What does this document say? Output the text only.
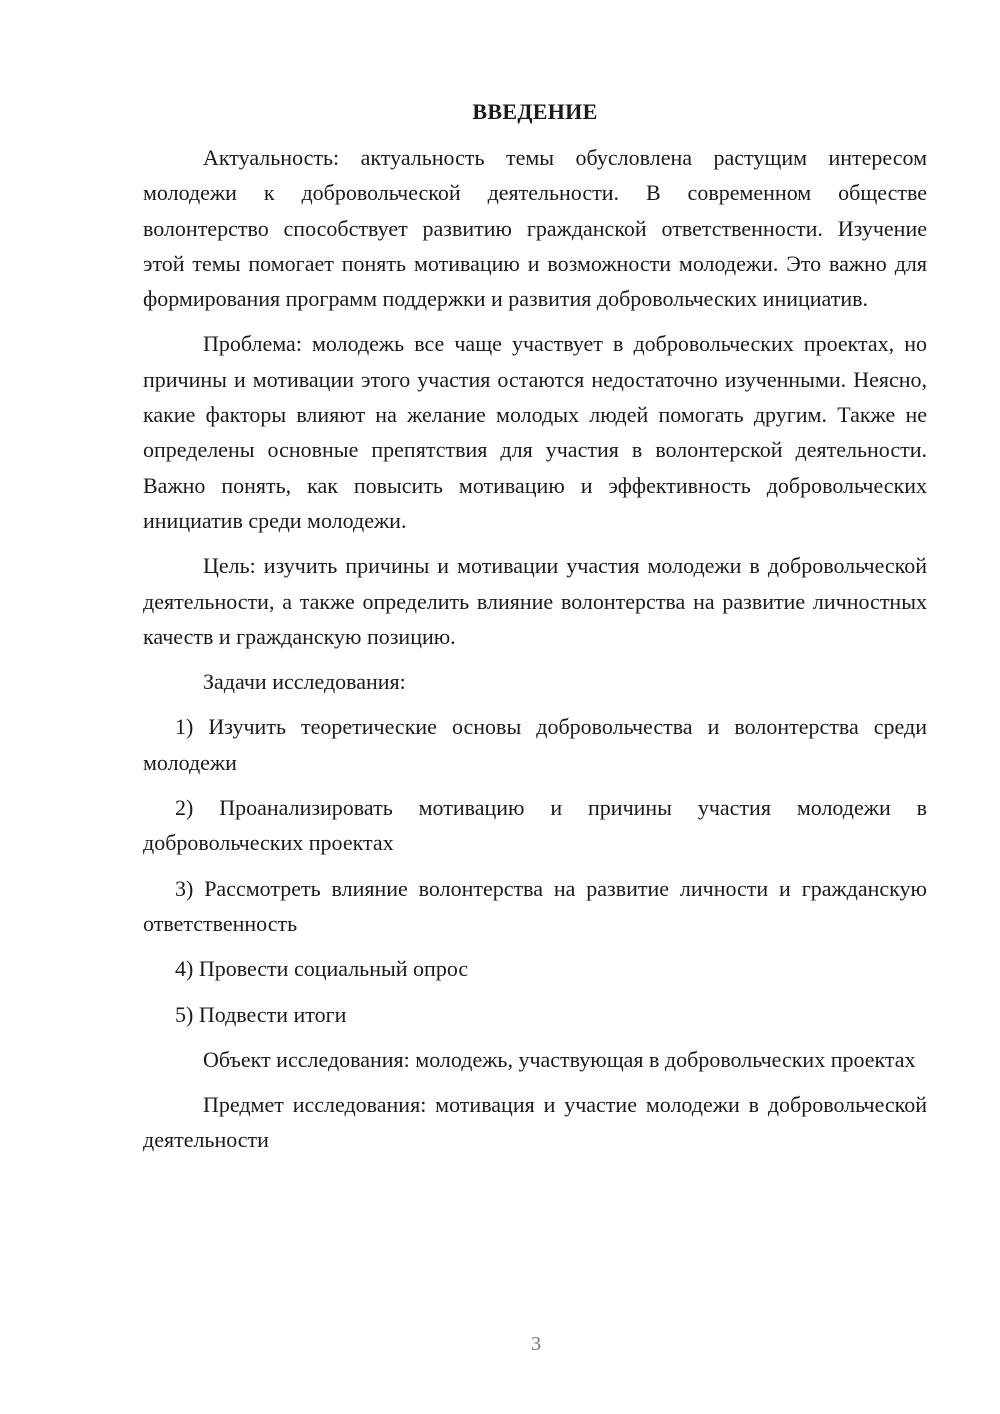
ВВЕДЕНИЕ

Актуальность: актуальность темы обусловлена растущим интересом молодежи к добровольческой деятельности. В современном обществе волонтерство способствует развитию гражданской ответственности. Изучение этой темы помогает понять мотивацию и возможности молодежи. Это важно для формирования программ поддержки и развития добровольческих инициатив.

Проблема: молодежь все чаще участвует в добровольческих проектах, но причины и мотивации этого участия остаются недостаточно изученными. Неясно, какие факторы влияют на желание молодых людей помогать другим. Также не определены основные препятствия для участия в волонтерской деятельности. Важно понять, как повысить мотивацию и эффективность добровольческих инициатив среди молодежи.

Цель: изучить причины и мотивации участия молодежи в добровольческой деятельности, а также определить влияние волонтерства на развитие личностных качеств и гражданскую позицию.

Задачи исследования:

1) Изучить теоретические основы добровольчества и волонтерства среди молодежи

2) Проанализировать мотивацию и причины участия молодежи в добровольческих проектах

3) Рассмотреть влияние волонтерства на развитие личности и гражданскую ответственность

4) Провести социальный опрос

5) Подвести итоги

Объект исследования: молодежь, участвующая в добровольческих проектах

Предмет исследования: мотивация и участие молодежи в добровольческой деятельности

3
